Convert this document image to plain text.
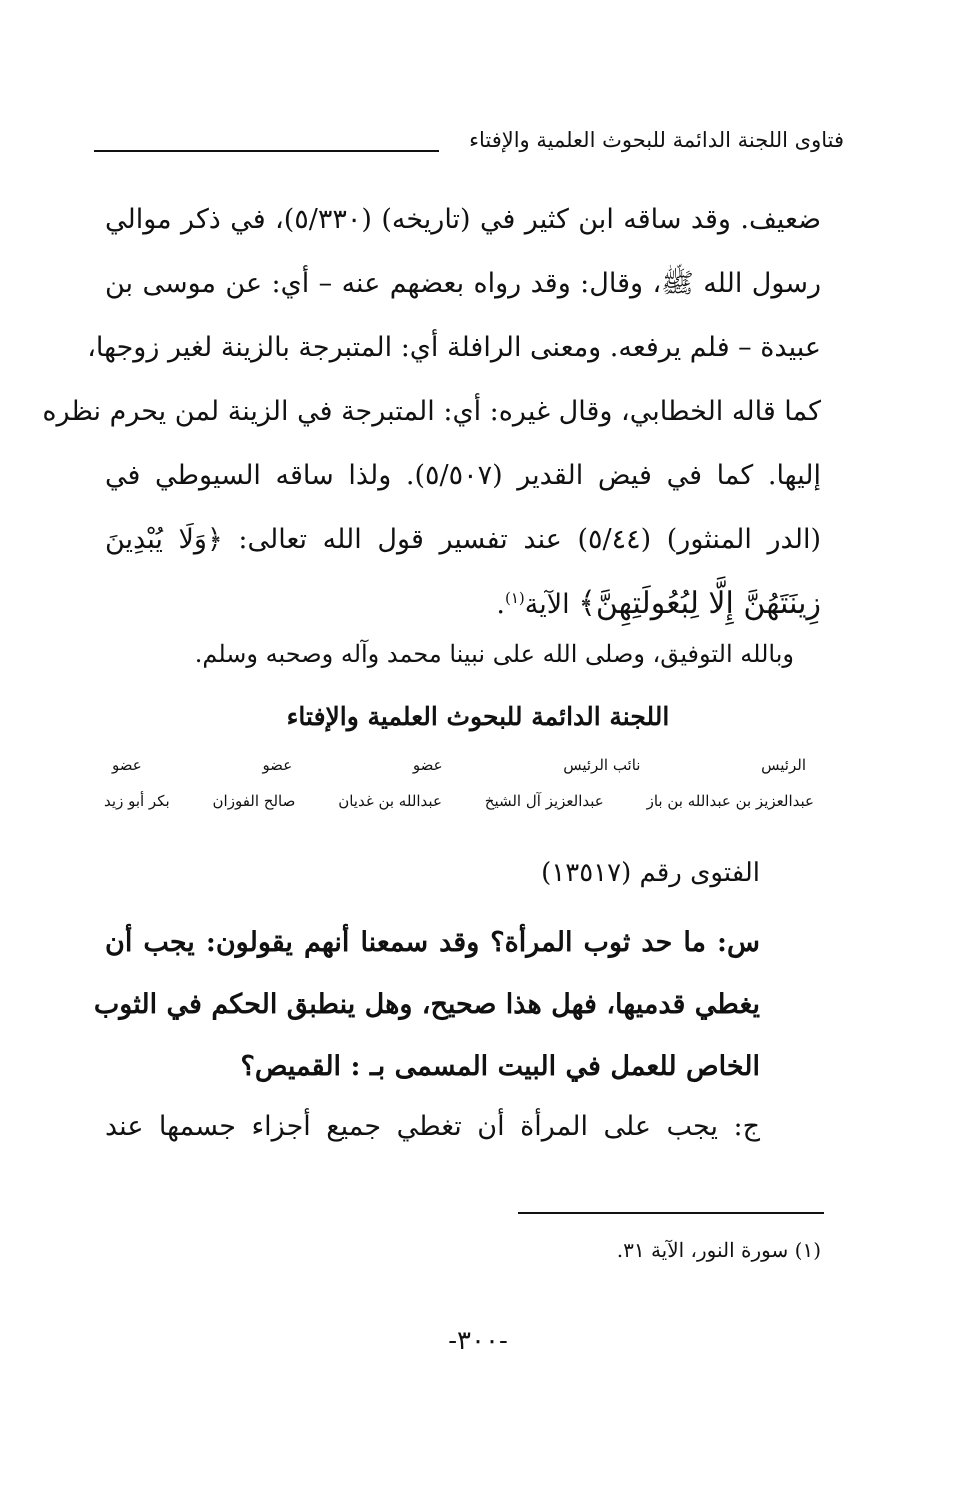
فتاوى اللجنة الدائمة للبحوث العلمية والإفتاء
ضعيف. وقد ساقه ابن كثير في (تاريخه) (٥/٣٣٠)، في ذكر موالي
رسول الله ﷺ، وقال: وقد رواه بعضهم عنه – أي: عن موسى بن
عبيدة – فلم يرفعه. ومعنى الرافلة أي: المتبرجة بالزينة لغير زوجها،
كما قاله الخطابي، وقال غيره: أي: المتبرجة في الزينة لمن يحرم نظره
إليها. كما في فيض القدير (٥/٥٠٧). ولذا ساقه السيوطي في
(الدر المنثور) (٥/٤٤) عند تفسير قول الله تعالى: ﴿وَلَا يُبْدِينَ
زِينَتَهُنَّ إِلَّا لِبُعُولَتِهِنَّ﴾ الآية$^{(١)}$.
وبالله التوفيق، وصلى الله على نبينا محمد وآله وصحبه وسلم.
اللجنة الدائمة للبحوث العلمية والإفتاء
الرئيس
نائب الرئيس
عضو
عضو
عضو
عبدالعزيز بن عبدالله بن باز
عبدالعزيز آل الشيخ
عبدالله بن غديان
صالح الفوزان
بكر أبو زيد
الفتوى رقم (١٣٥١٧)
س: ما حد ثوب المرأة؟ وقد سمعنا أنهم يقولون: يجب أن
يغطي قدميها، فهل هذا صحيح، وهل ينطبق الحكم في الثوب
الخاص للعمل في البيت المسمى بـ : القميص؟
ج: يجب على المرأة أن تغطي جميع أجزاء جسمها عند
(١) سورة النور، الآية ٣١.
-٣٠٠-
